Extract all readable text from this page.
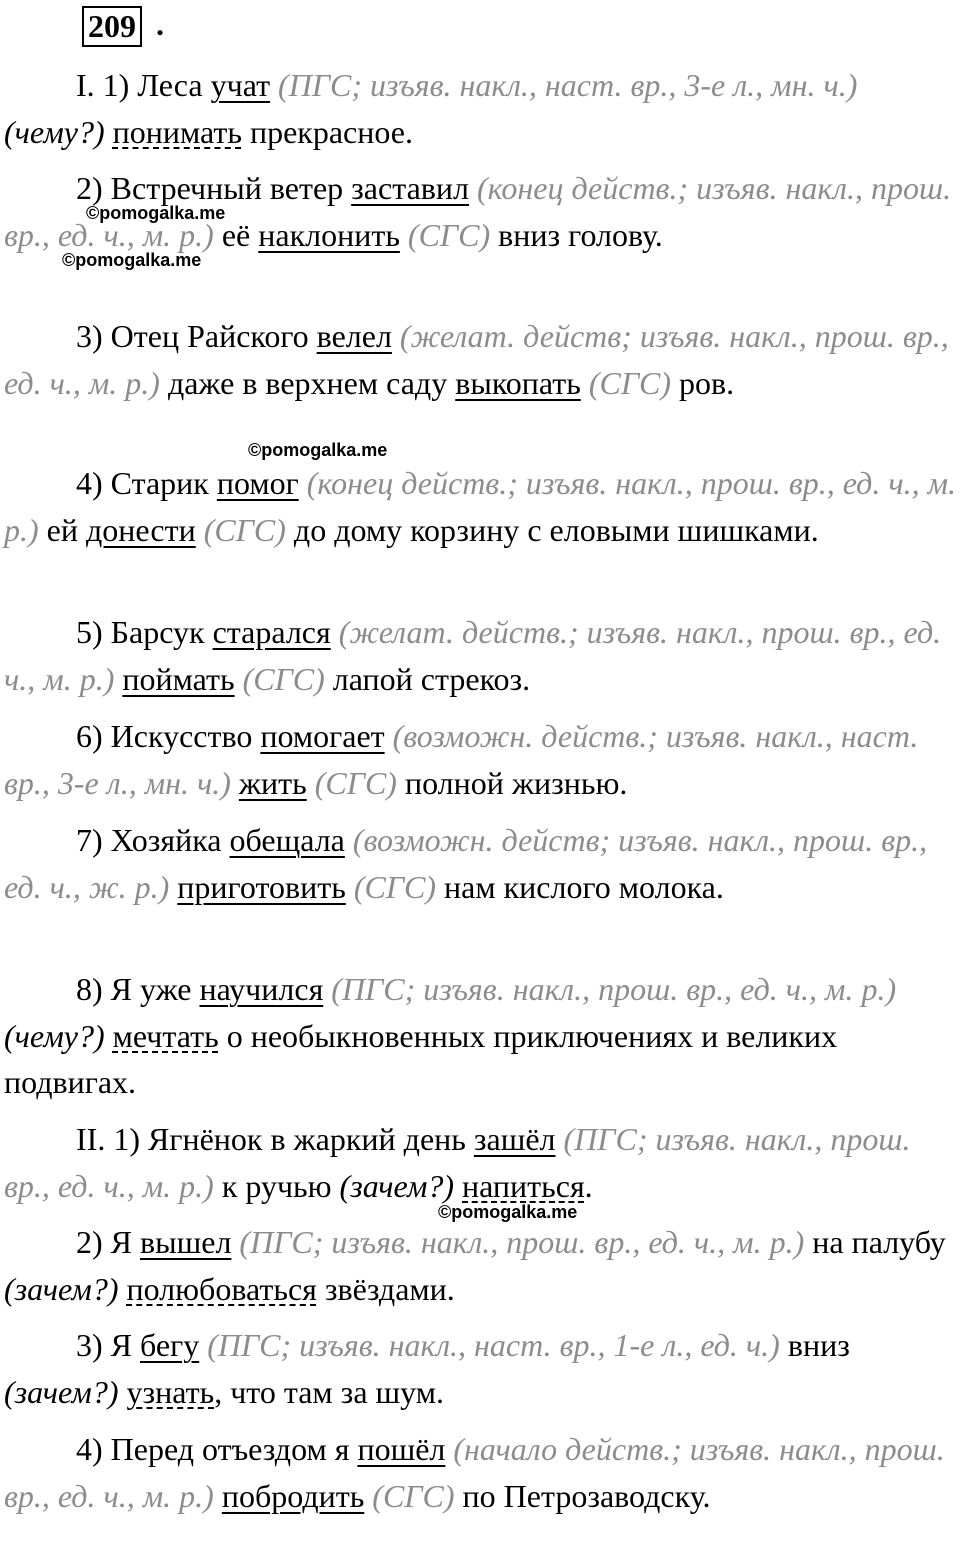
209 .

I. 1) Леса учат (ПГС; изъяв. накл., наст. вр., 3-е л., мн. ч.) (чему?) понимать прекрасное.

2) Встречный ветер заставил (конец действ.; изъяв. накл., прош. вр., ед. ч., м. р.) её наклонить (СГС) вниз голову.

3) Отец Райского велел (желат. действ; изъяв. накл., прош. вр., ед. ч., м. р.) даже в верхнем саду выкопать (СГС) ров.

4) Старик помог (конец действ.; изъяв. накл., прош. вр., ед. ч., м. р.) ей донести (СГС) до дому корзину с еловыми шишками.

5) Барсук старался (желат. действ.; изъяв. накл., прош. вр., ед. ч., м. р.) поймать (СГС) лапой стрекоз.

6) Искусство помогает (возможн. действ.; изъяв. накл., наст. вр., 3-е л., мн. ч.) жить (СГС) полной жизнью.

7) Хозяйка обещала (возможн. действ; изъяв. накл., прош. вр., ед. ч., ж. р.) приготовить (СГС) нам кислого молока.

8) Я уже научился (ПГС; изъяв. накл., прош. вр., ед. ч., м. р.) (чему?) мечтать о необыкновенных приключениях и великих подвигах.

II. 1) Ягнёнок в жаркий день зашёл (ПГС; изъяв. накл., прош. вр., ед. ч., м. р.) к ручью (зачем?) напиться.

2) Я вышел (ПГС; изъяв. накл., прош. вр., ед. ч., м. р.) на палубу (зачем?) полюбоваться звёздами.

3) Я бегу (ПГС; изъяв. накл., наст. вр., 1-е л., ед. ч.) вниз (зачем?) узнать, что там за шум.

4) Перед отъездом я пошёл (начало действ.; изъяв. накл., прош. вр., ед. ч., м. р.) побродить (СГС) по Петрозаводску.

©pomogalka.me
©pomogalka.me
©pomogalka.me
©pomogalka.me
